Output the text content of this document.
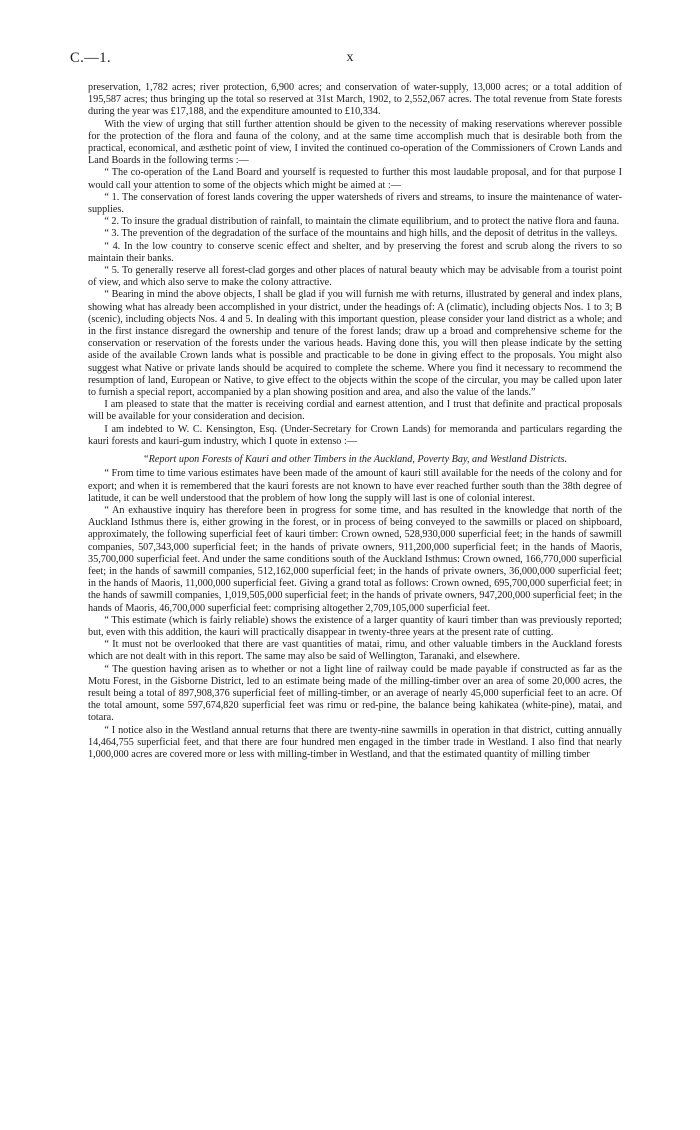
C.—1.	x

preservation, 1,782 acres; river protection, 6,900 acres; and conservation of water-supply, 13,000 acres; or a total addition of 195,587 acres; thus bringing up the total so reserved at 31st March, 1902, to 2,552,067 acres. The total revenue from State forests during the year was £17,188, and the expenditure amounted to £10,334.

With the view of urging that still further attention should be given to the necessity of making reservations wherever possible for the protection of the flora and fauna of the colony, and at the same time accomplish much that is desirable both from the practical, economical, and æsthetic point of view, I invited the continued co-operation of the Commissioners of Crown Lands and Land Boards in the following terms :—

“ The co-operation of the Land Board and yourself is requested to further this most laudable proposal, and for that purpose I would call your attention to some of the objects which might be aimed at :—

“ 1. The conservation of forest lands covering the upper watersheds of rivers and streams, to insure the maintenance of water-supplies.

“ 2. To insure the gradual distribution of rainfall, to maintain the climate equilibrium, and to protect the native flora and fauna.

“ 3. The prevention of the degradation of the surface of the mountains and high hills, and the deposit of detritus in the valleys.

“ 4. In the low country to conserve scenic effect and shelter, and by preserving the forest and scrub along the rivers to so maintain their banks.

“ 5. To generally reserve all forest-clad gorges and other places of natural beauty which may be advisable from a tourist point of view, and which also serve to make the colony attractive.

“ Bearing in mind the above objects, I shall be glad if you will furnish me with returns, illustrated by general and index plans, showing what has already been accomplished in your district, under the headings of: A (climatic), including objects Nos. 1 to 3; B (scenic), including objects Nos. 4 and 5. In dealing with this important question, please consider your land district as a whole; and in the first instance disregard the ownership and tenure of the forest lands; draw up a broad and comprehensive scheme for the conservation or reservation of the forests under the various heads. Having done this, you will then please indicate by the setting aside of the available Crown lands what is possible and practicable to be done in giving effect to the proposals. You might also suggest what Native or private lands should be acquired to complete the scheme. Where you find it necessary to recommend the resumption of land, European or Native, to give effect to the objects within the scope of the circular, you may be called upon later to furnish a special report, accompanied by a plan showing position and area, and also the value of the lands.”

I am pleased to state that the matter is receiving cordial and earnest attention, and I trust that definite and practical proposals will be available for your consideration and decision.

I am indebted to W. C. Kensington, Esq. (Under-Secretary for Crown Lands) for memoranda and particulars regarding the kauri forests and kauri-gum industry, which I quote in extenso :—

“Report upon Forests of Kauri and other Timbers in the Auckland, Poverty Bay, and Westland Districts.

“ From time to time various estimates have been made of the amount of kauri still available for the needs of the colony and for export; and when it is remembered that the kauri forests are not known to have ever reached further south than the 38th degree of latitude, it can be well understood that the problem of how long the supply will last is one of colonial interest.

“ An exhaustive inquiry has therefore been in progress for some time, and has resulted in the knowledge that north of the Auckland Isthmus there is, either growing in the forest, or in process of being conveyed to the sawmills or placed on shipboard, approximately, the following superficial feet of kauri timber: Crown owned, 528,930,000 superficial feet; in the hands of sawmill companies, 507,343,000 superficial feet; in the hands of private owners, 911,200,000 superficial feet; in the hands of Maoris, 35,700,000 superficial feet. And under the same conditions south of the Auckland Isthmus: Crown owned, 166,770,000 superficial feet; in the hands of sawmill companies, 512,162,000 superficial feet; in the hands of private owners, 36,000,000 superficial feet; in the hands of Maoris, 11,000,000 superficial feet. Giving a grand total as follows: Crown owned, 695,700,000 superficial feet; in the hands of sawmill companies, 1,019,505,000 superficial feet; in the hands of private owners, 947,200,000 superficial feet; in the hands of Maoris, 46,700,000 superficial feet: comprising altogether 2,709,105,000 superficial feet.

“ This estimate (which is fairly reliable) shows the existence of a larger quantity of kauri timber than was previously reported; but, even with this addition, the kauri will practically disappear in twenty-three years at the present rate of cutting.

“ It must not be overlooked that there are vast quantities of matai, rimu, and other valuable timbers in the Auckland forests which are not dealt with in this report. The same may also be said of Wellington, Taranaki, and elsewhere.

“ The question having arisen as to whether or not a light line of railway could be made payable if constructed as far as the Motu Forest, in the Gisborne District, led to an estimate being made of the milling-timber over an area of some 20,000 acres, the result being a total of 897,908,376 superficial feet of milling-timber, or an average of nearly 45,000 superficial feet to an acre. Of the total amount, some 597,674,820 superficial feet was rimu or red-pine, the balance being kahikatea (white-pine), matai, and totara.

“ I notice also in the Westland annual returns that there are twenty-nine sawmills in operation in that district, cutting annually 14,464,755 superficial feet, and that there are four hundred men engaged in the timber trade in Westland. I also find that nearly 1,000,000 acres are covered more or less with milling-timber in Westland, and that the estimated quantity of milling timber
